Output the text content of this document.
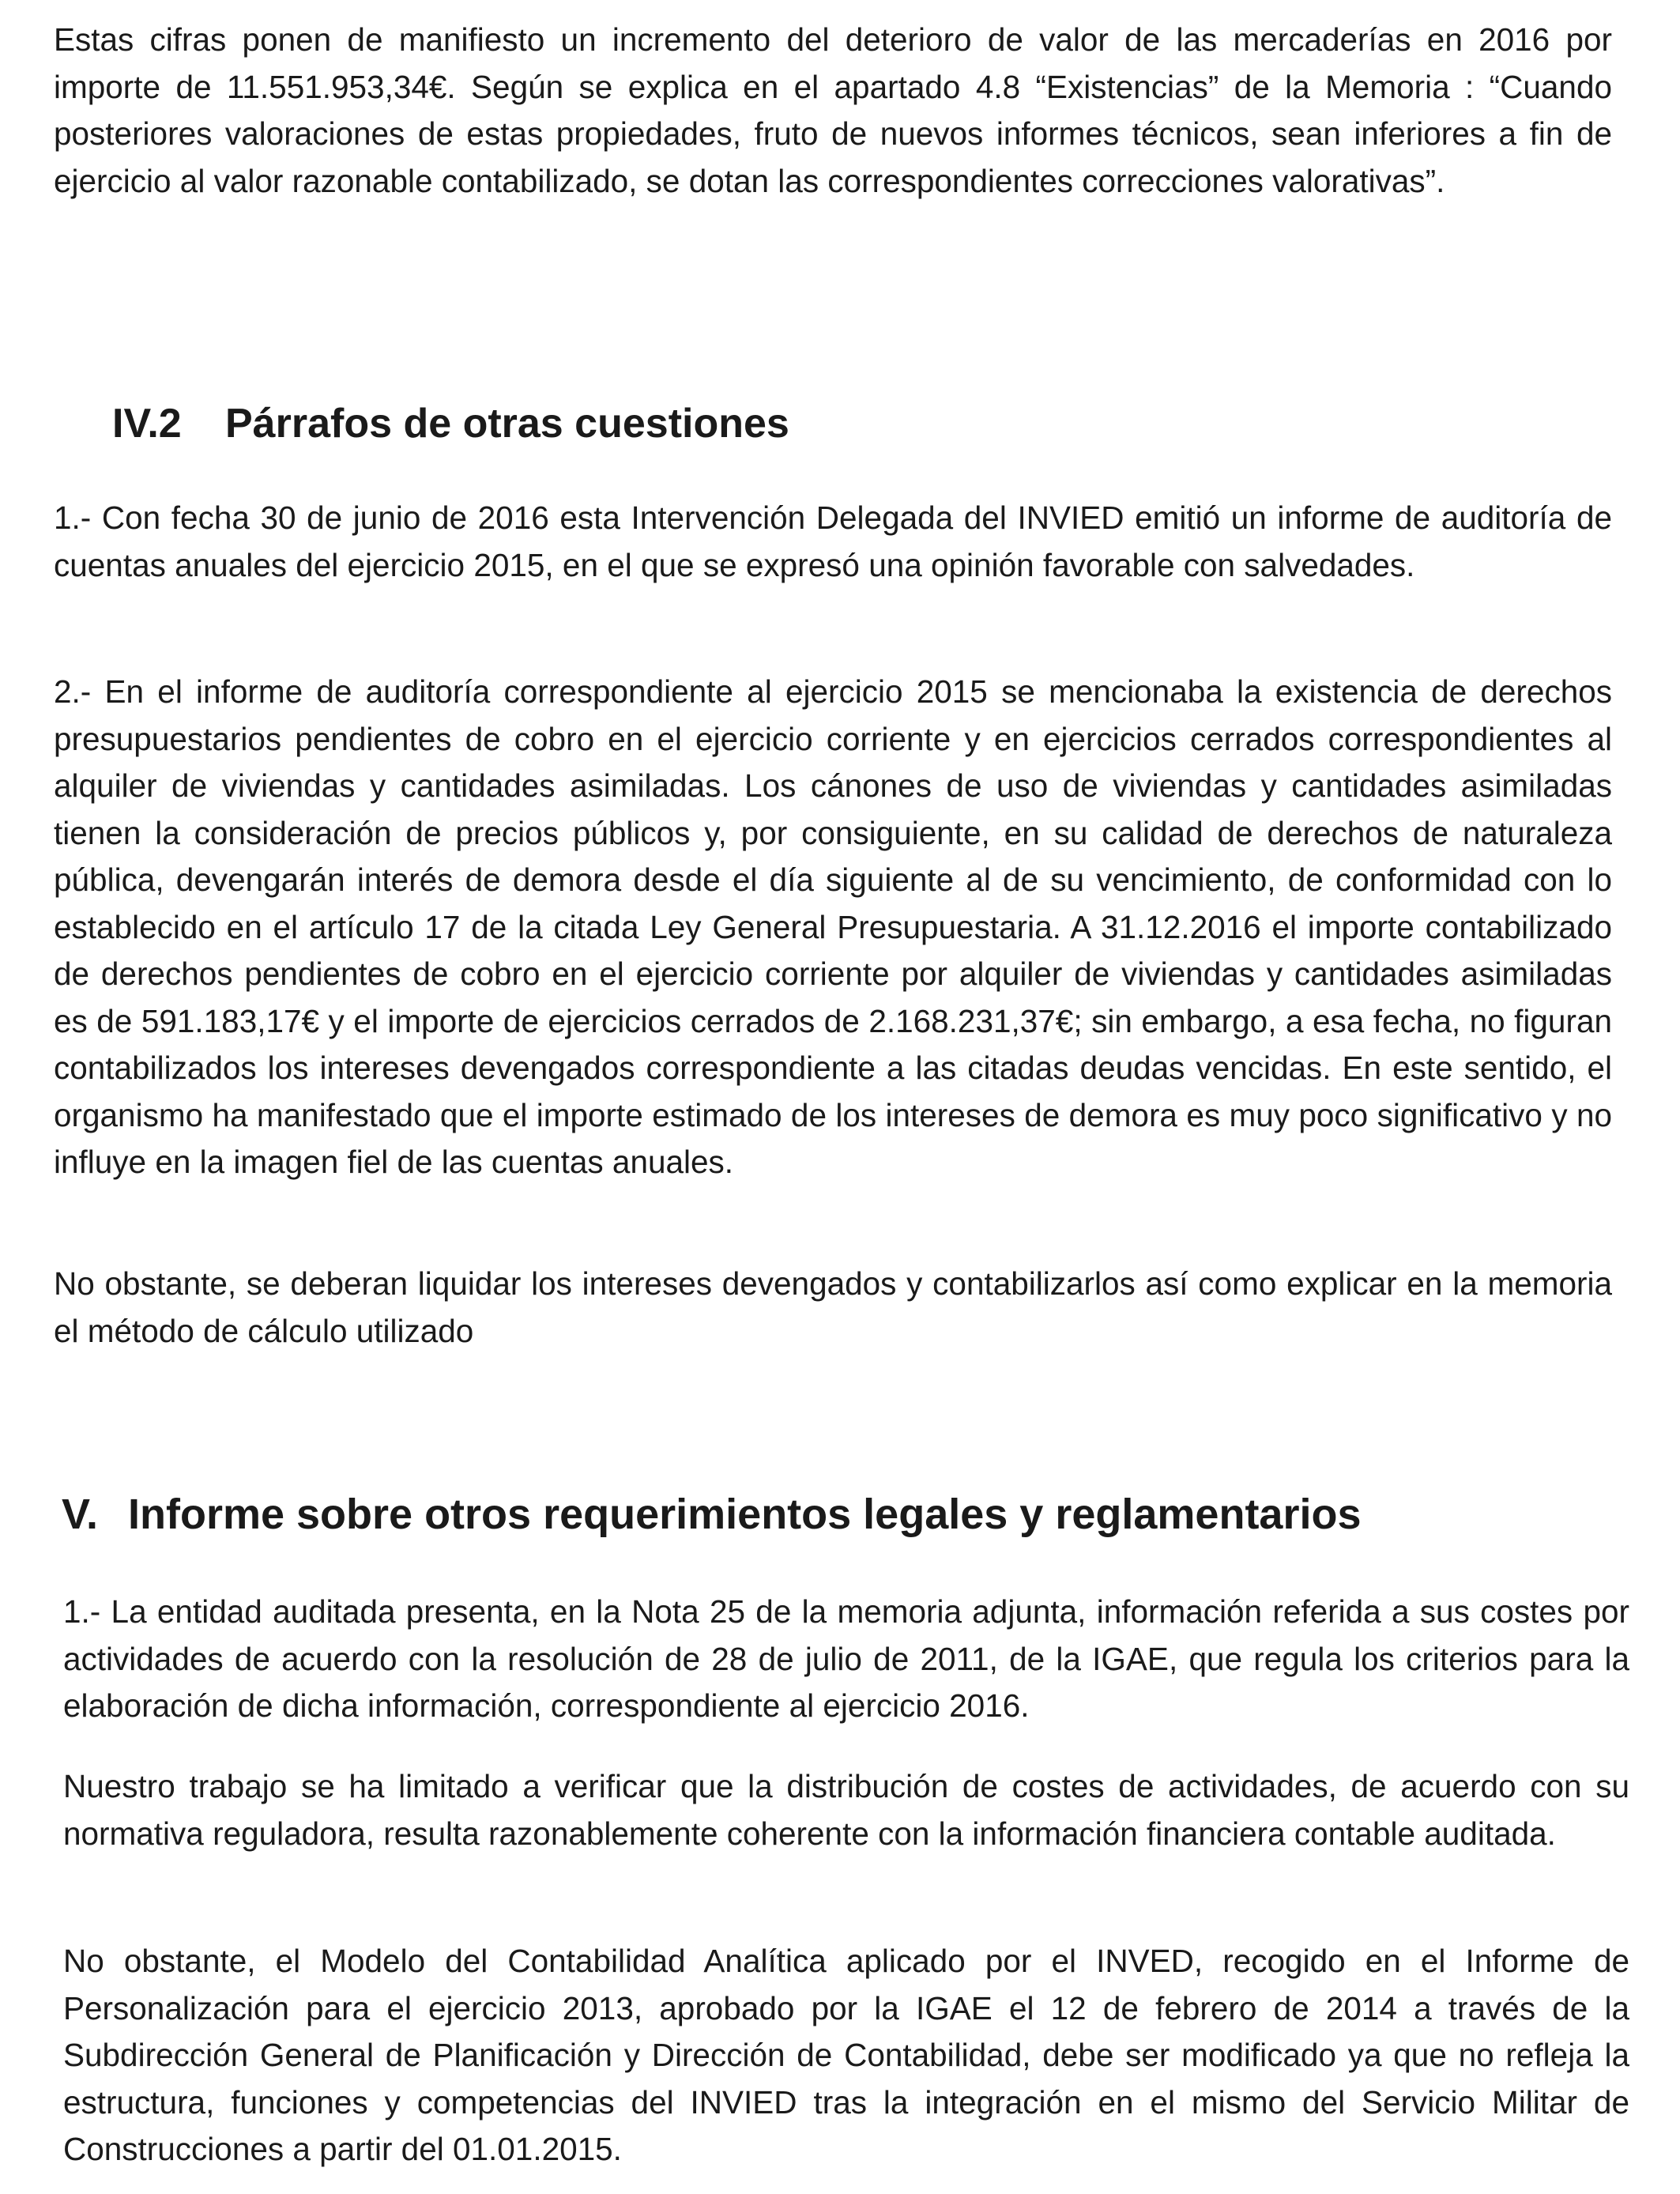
Estas cifras ponen de manifiesto un incremento del deterioro de valor de las mercaderías en 2016 por importe de 11.551.953,34€. Según se explica en el apartado 4.8 “Existencias” de la Memoria : “Cuando posteriores valoraciones de estas propiedades, fruto de nuevos informes técnicos, sean inferiores a fin de ejercicio al valor razonable contabilizado, se dotan las correspondientes correcciones valorativas”.

IV.2 Párrafos de otras cuestiones

1.- Con fecha 30 de junio de 2016 esta Intervención Delegada del INVIED emitió un informe de auditoría de cuentas anuales del ejercicio 2015, en el que se expresó una opinión favorable con salvedades.

2.- En el informe de auditoría correspondiente al ejercicio 2015 se mencionaba la existencia de derechos presupuestarios pendientes de cobro en el ejercicio corriente y en ejercicios cerrados correspondientes al alquiler de viviendas y cantidades asimiladas. Los cánones de uso de viviendas y cantidades asimiladas tienen la consideración de precios públicos y, por consiguiente, en su calidad de derechos de naturaleza pública, devengarán interés de demora desde el día siguiente al de su vencimiento, de conformidad con lo establecido en el artículo 17 de la citada Ley General Presupuestaria. A 31.12.2016 el importe contabilizado de derechos pendientes de cobro en el ejercicio corriente por alquiler de viviendas y cantidades asimiladas es de 591.183,17€ y el importe de ejercicios cerrados de 2.168.231,37€; sin embargo, a esa fecha, no figuran contabilizados los intereses devengados correspondiente a las citadas deudas vencidas. En este sentido, el organismo ha manifestado que el importe estimado de los intereses de demora es muy poco significativo y no influye en la imagen fiel de las cuentas anuales.

No obstante, se deberan liquidar los intereses devengados y contabilizarlos así como explicar en la memoria el método de cálculo utilizado

V. Informe sobre otros requerimientos legales y reglamentarios

1.- La entidad auditada presenta, en la Nota 25 de la memoria adjunta, información referida a sus costes por actividades de acuerdo con la resolución de 28 de julio de 2011, de la IGAE, que regula los criterios para la elaboración de dicha información, correspondiente al ejercicio 2016.

Nuestro trabajo se ha limitado a verificar que la distribución de costes de actividades, de acuerdo con su normativa reguladora, resulta razonablemente coherente con la información financiera contable auditada.

No obstante, el Modelo del Contabilidad Analítica aplicado por el INVED, recogido en el Informe de Personalización para el ejercicio 2013, aprobado por la IGAE el 12 de febrero de 2014 a través de la Subdirección General de Planificación y Dirección de Contabilidad, debe ser modificado ya que no refleja la estructura, funciones y competencias del INVIED tras la integración en el mismo del Servicio Militar de Construcciones a partir del 01.01.2015.
